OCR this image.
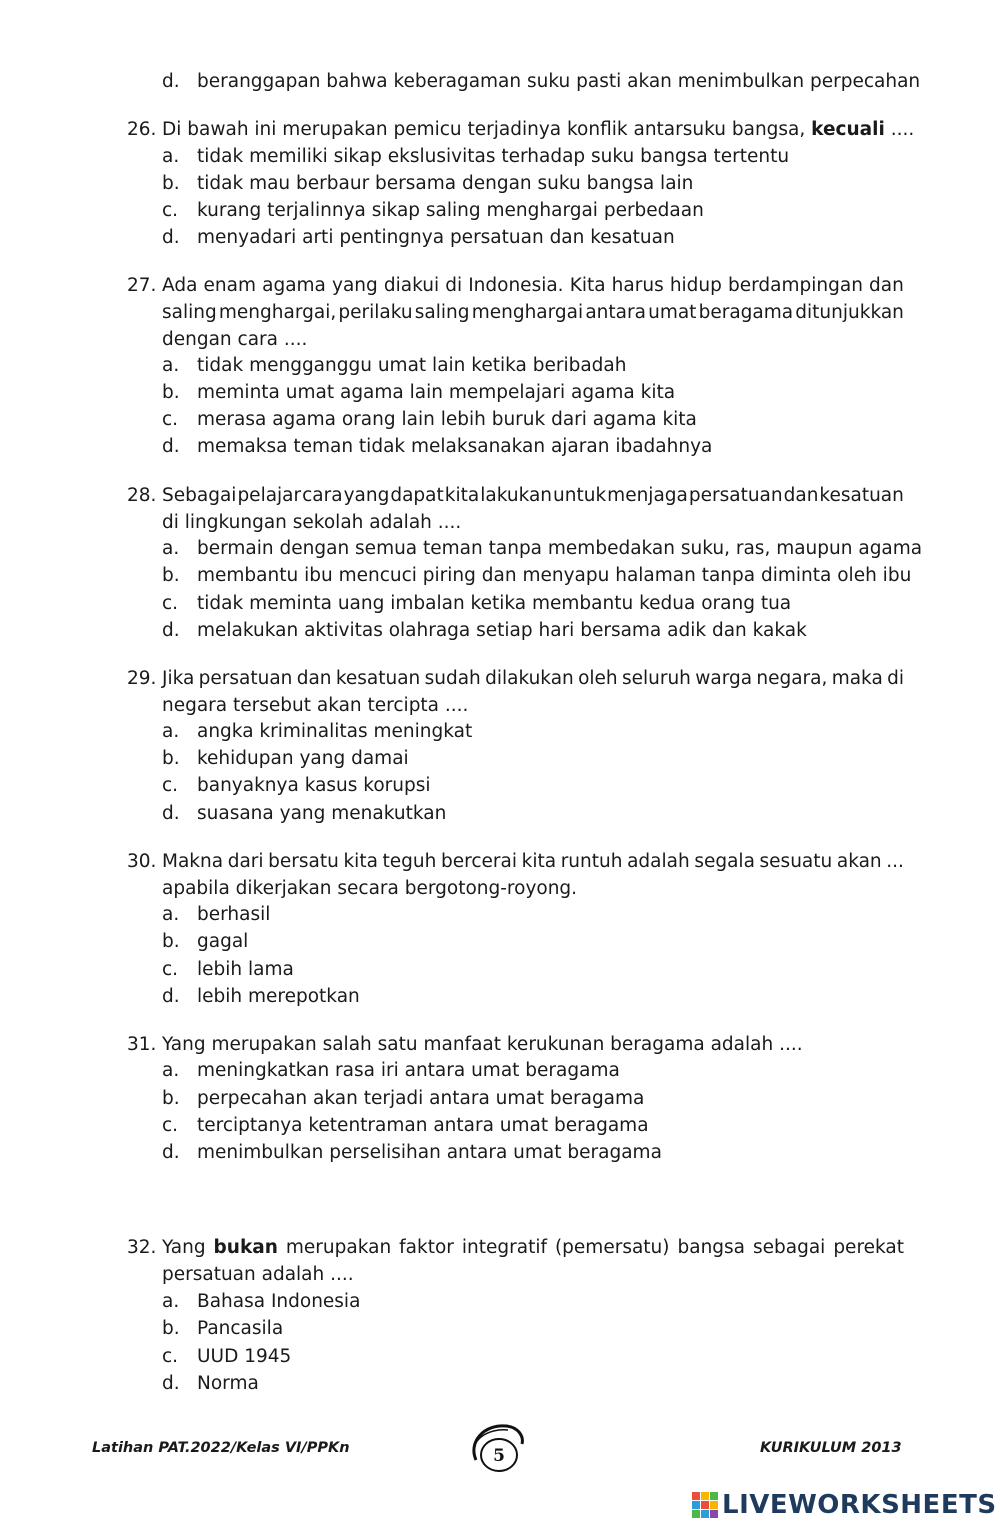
d. beranggapan bahwa keberagaman suku pasti akan menimbulkan perpecahan
26. Di bawah ini merupakan pemicu terjadinya konflik antarsuku bangsa, kecuali ....
a. tidak memiliki sikap ekslusivitas terhadap suku bangsa tertentu
b. tidak mau berbaur bersama dengan suku bangsa lain
c. kurang terjalinnya sikap saling menghargai perbedaan
d. menyadari arti pentingnya persatuan dan kesatuan
27. Ada enam agama yang diakui di Indonesia. Kita harus hidup berdampingan dan
saling menghargai, perilaku saling menghargai antara umat beragama ditunjukkan
dengan cara ....
a. tidak mengganggu umat lain ketika beribadah
b. meminta umat agama lain mempelajari agama kita
c. merasa agama orang lain lebih buruk dari agama kita
d. memaksa teman tidak melaksanakan ajaran ibadahnya
28. Sebagai pelajar cara yang dapat kita lakukan untuk menjaga persatuan dan kesatuan
di lingkungan sekolah adalah ....
a. bermain dengan semua teman tanpa membedakan suku, ras, maupun agama
b. membantu ibu mencuci piring dan menyapu halaman tanpa diminta oleh ibu
c. tidak meminta uang imbalan ketika membantu kedua orang tua
d. melakukan aktivitas olahraga setiap hari bersama adik dan kakak
29. Jika persatuan dan kesatuan sudah dilakukan oleh seluruh warga negara, maka di
negara tersebut akan tercipta ....
a. angka kriminalitas meningkat
b. kehidupan yang damai
c. banyaknya kasus korupsi
d. suasana yang menakutkan
30. Makna dari bersatu kita teguh bercerai kita runtuh adalah segala sesuatu akan ...
apabila dikerjakan secara bergotong-royong.
a. berhasil
b. gagal
c. lebih lama
d. lebih merepotkan
31. Yang merupakan salah satu manfaat kerukunan beragama adalah ....
a. meningkatkan rasa iri antara umat beragama
b. perpecahan akan terjadi antara umat beragama
c. terciptanya ketentraman antara umat beragama
d. menimbulkan perselisihan antara umat beragama
32. Yang bukan merupakan faktor integratif (pemersatu) bangsa sebagai perekat
persatuan adalah ....
a. Bahasa Indonesia
b. Pancasila
c. UUD 1945
d. Norma
Latihan PAT.2022/Kelas VI/PPKn	5	KURIKULUM 2013
LIVEWORKSHEETS
